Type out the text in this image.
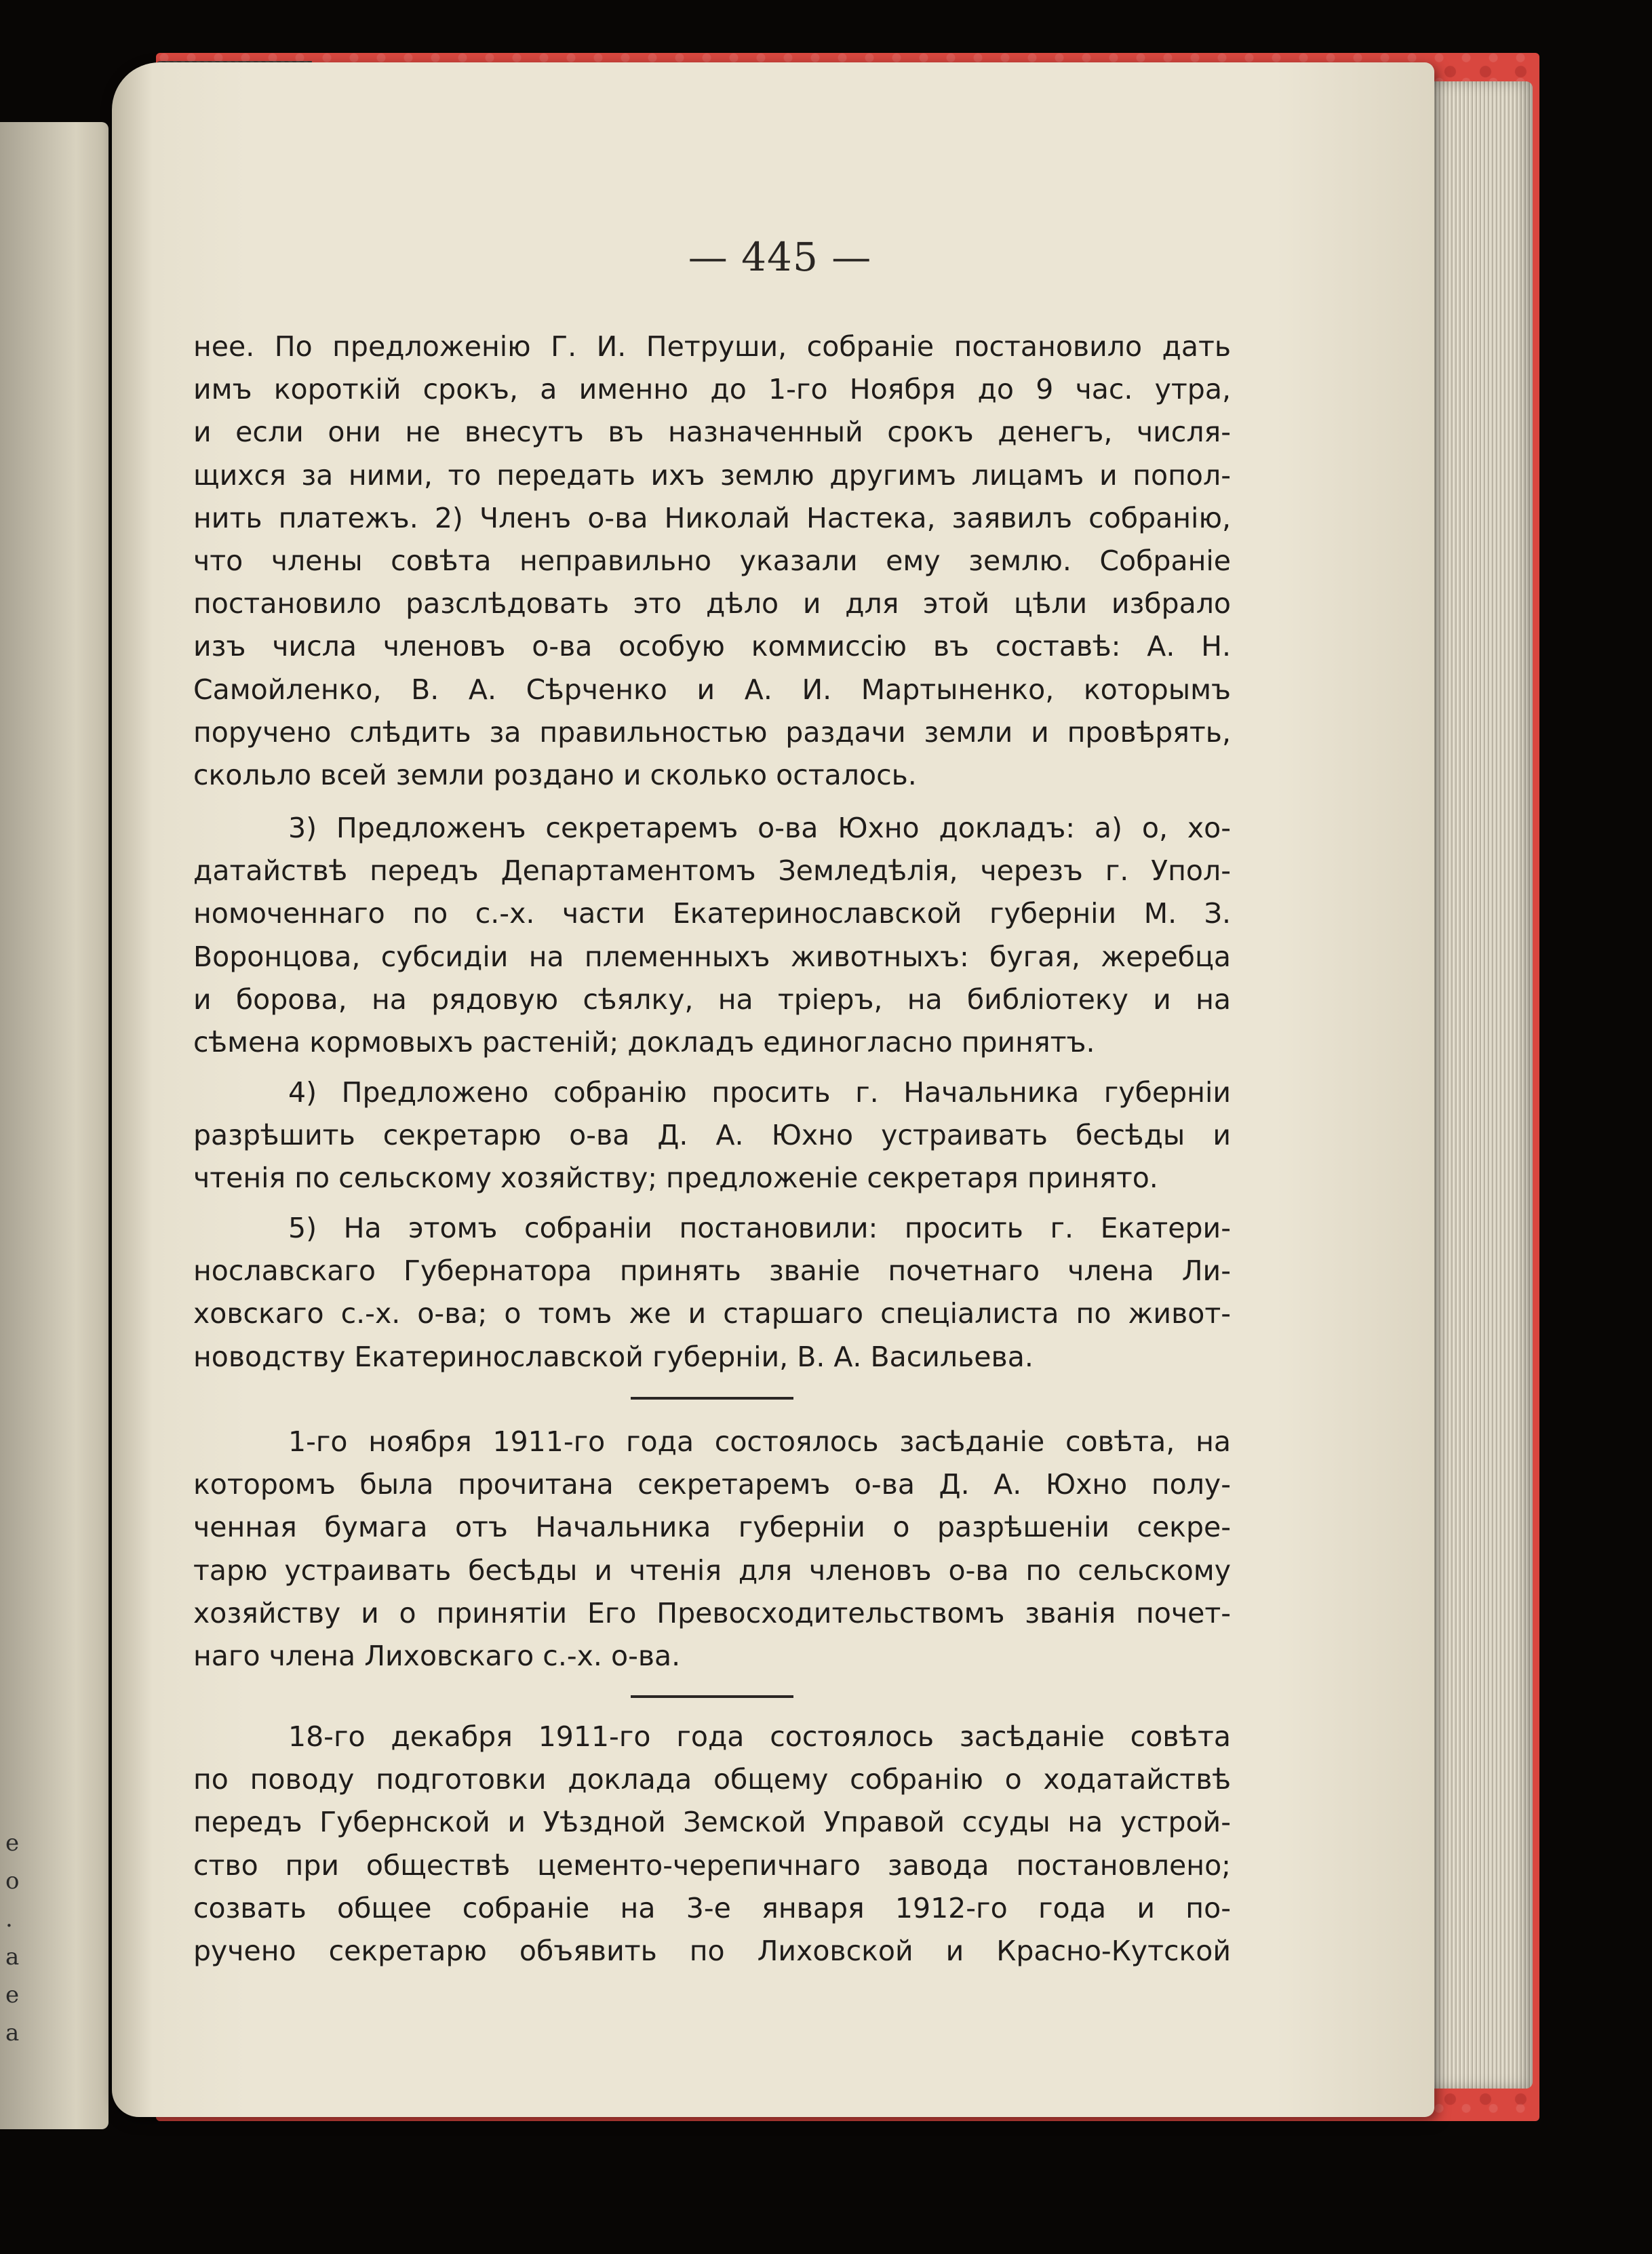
е
о
.
а
е
а
— 445 —
нее. По предложенію Г. И. Петруши, собраніе постановило дать
имъ короткій срокъ, а именно до 1-го Ноября до 9 час. утра,
и если они не внесутъ въ назначенный срокъ денегъ, числя-
щихся за ними, то передать ихъ землю другимъ лицамъ и попол-
нить платежъ. 2) Членъ о-ва Николай Настека, заявилъ собранію,
что члены совѣта неправильно указали ему землю. Собраніе
постановило разслѣдовать это дѣло и для этой цѣли избрало
изъ числа членовъ о-ва особую коммиссію въ составѣ: А. Н.
Самойленко, В. А. Сѣрченко и А. И. Мартыненко, которымъ
поручено слѣдить за правильностью раздачи земли и провѣрять,
скольло всей земли роздано и сколько осталось.
3) Предложенъ секретаремъ о-ва Юхно докладъ: а) о, хо-
датайствѣ передъ Департаментомъ Земледѣлія, черезъ г. Упол-
номоченнаго по с.-х. части Екатеринославской губерніи М. З.
Воронцова, субсидіи на племенныхъ животныхъ: бугая, жеребца
и борова, на рядовую сѣялку, на тріеръ, на библіотеку и на
сѣмена кормовыхъ растеній; докладъ единогласно принятъ.
4) Предложено собранію просить г. Начальника губерніи
разрѣшить секретарю о-ва Д. А. Юхно устраивать бесѣды и
чтенія по сельскому хозяйству; предложеніе секретаря принято.
5) На этомъ собраніи постановили: просить г. Екатери-
нославскаго Губернатора принять званіе почетнаго члена Ли-
ховскаго с.-х. о-ва; о томъ же и старшаго спеціалиста по живот-
новодству Екатеринославской губерніи, В. А. Васильева.
1-го ноября 1911-го года состоялось засѣданіе совѣта, на
которомъ была прочитана секретаремъ о-ва Д. А. Юхно полу-
ченная бумага отъ Начальника губерніи о разрѣшеніи секре-
тарю устраивать бесѣды и чтенія для членовъ о-ва по сельскому
хозяйству и о принятіи Его Превосходительствомъ званія почет-
наго члена Лиховскаго с.-х. о-ва.
18-го декабря 1911-го года состоялось засѣданіе совѣта
по поводу подготовки доклада общему собранію о ходатайствѣ
передъ Губернской и Уѣздной Земской Управой ссуды на устрой-
ство при обществѣ цементо-черепичнаго завода постановлено;
созвать общее собраніе на 3-е января 1912-го года и по-
ручено секретарю объявить по Лиховской и Красно-Кутской
